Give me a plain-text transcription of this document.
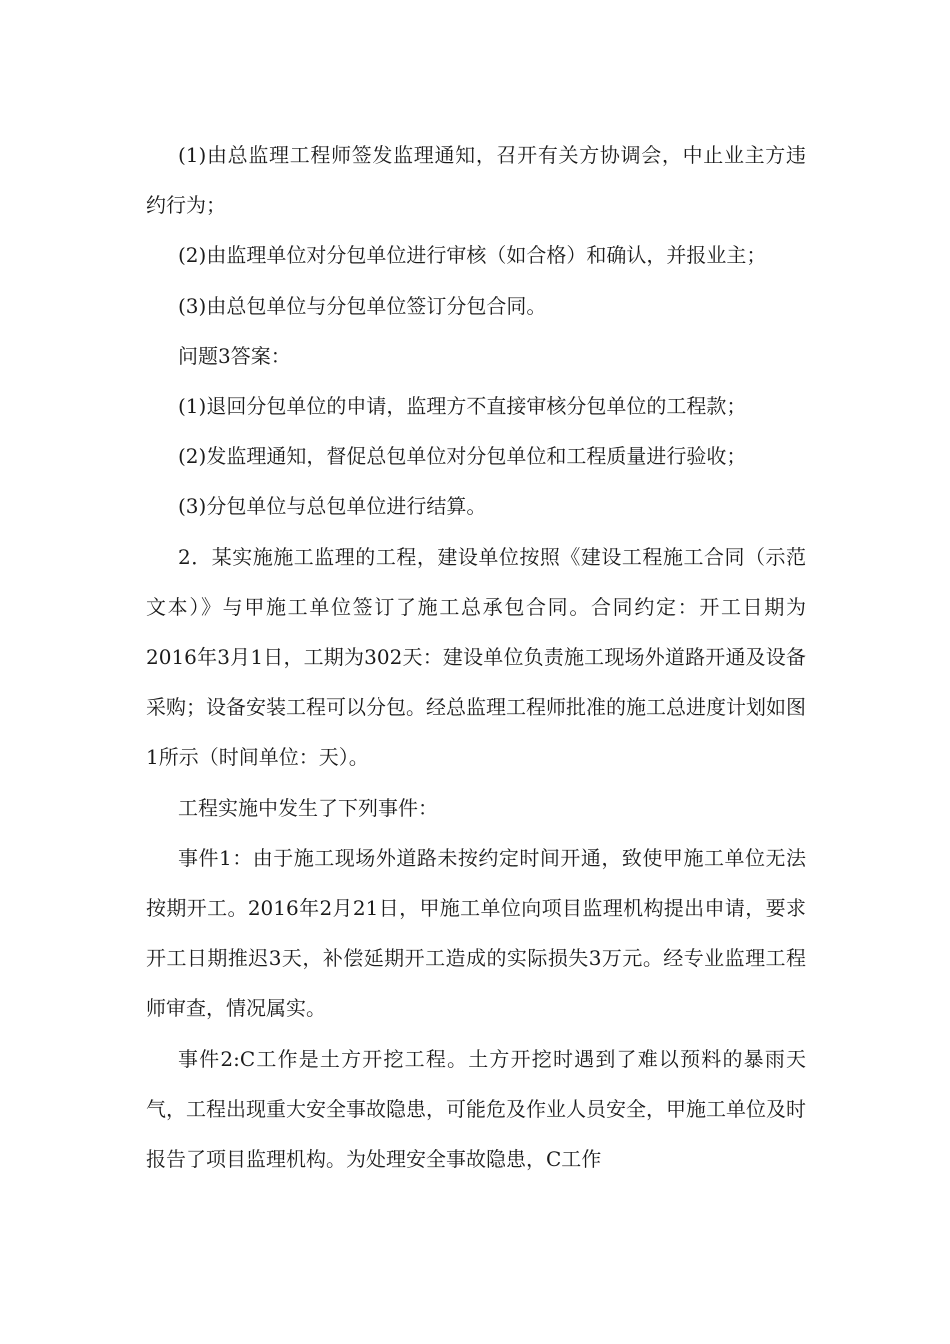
(1)由总监理工程师签发监理通知，召开有关方协调会，中止业主方违约行为；

(2)由监理单位对分包单位进行审核（如合格）和确认，并报业主；

(3)由总包单位与分包单位签订分包合同。

问题3答案：

(1)退回分包单位的申请，监理方不直接审核分包单位的工程款；

(2)发监理通知，督促总包单位对分包单位和工程质量进行验收；

(3)分包单位与总包单位进行结算。

2．某实施施工监理的工程，建设单位按照《建设工程施工合同（示范文本）》与甲施工单位签订了施工总承包合同。合同约定：开工日期为2016年3月1日，工期为302天：建设单位负责施工现场外道路开通及设备采购；设备安装工程可以分包。经总监理工程师批准的施工总进度计划如图1所示（时间单位：天）。

工程实施中发生了下列事件：

事件1：由于施工现场外道路未按约定时间开通，致使甲施工单位无法按期开工。2016年2月21日，甲施工单位向项目监理机构提出申请，要求开工日期推迟3天，补偿延期开工造成的实际损失3万元。经专业监理工程师审查，情况属实。

事件2:C工作是土方开挖工程。土方开挖时遇到了难以预料的暴雨天气，工程出现重大安全事故隐患，可能危及作业人员安全，甲施工单位及时报告了项目监理机构。为处理安全事故隐患，C工作
